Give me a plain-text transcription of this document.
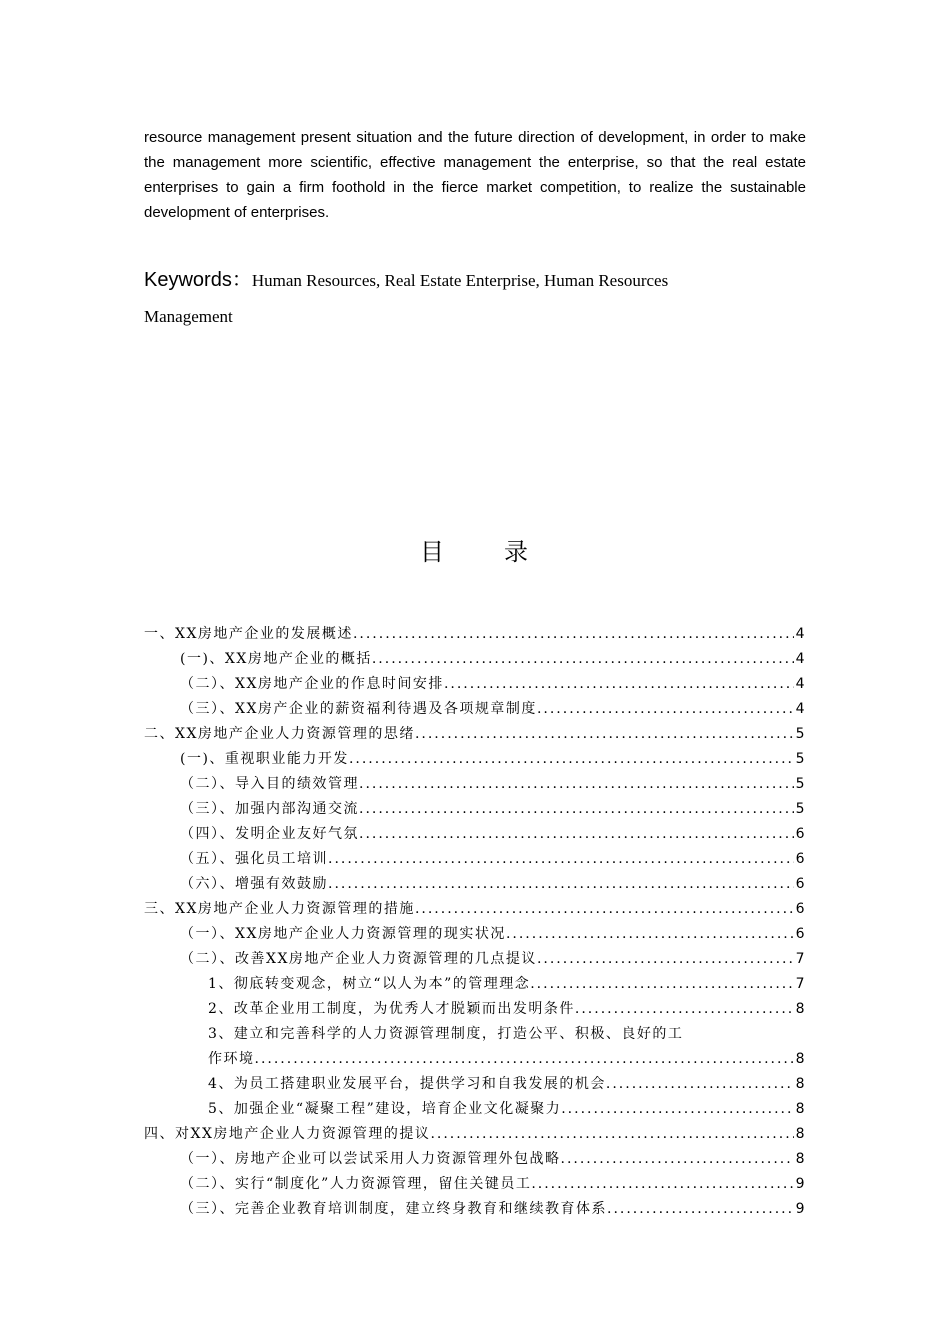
resource management present situation and the future direction of development, in order to make the management more scientific, effective management the enterprise, so that the real estate enterprises to gain a firm foothold in the fierce market competition, to realize the sustainable development of enterprises.
Keywords：Human Resources, Real Estate Enterprise, Human Resources
Management
目 录
一、XX房地产企业的发展概述 .....	4
(一)、XX房地产企业的概括 .....	4
（二）、XX房地产企业的作息时间安排 .....	4
（三）、XX房产企业的薪资福利待遇及各项规章制度 .....	4
二、XX房地产企业人力资源管理的思绪 .....	5
(一)、重视职业能力开发 .....	5
（二）、导入目的绩效管理 .....	5
（三）、加强内部沟通交流 .....	5
（四）、发明企业友好气氛 .....	6
（五）、强化员工培训 .....	6
（六）、增强有效鼓励 .....	6
三、XX房地产企业人力资源管理的措施 .....	6
（一）、XX房地产企业人力资源管理的现实状况 .....	6
（二）、改善XX房地产企业人力资源管理的几点提议 .....	7
1、彻底转变观念，树立“以人为本”的管理理念 .....	7
2、改革企业用工制度，为优秀人才脱颖而出发明条件 .....	8
3、建立和完善科学的人力资源管理制度，打造公平、积极、良好的工
作环境 .....	8
4、为员工搭建职业发展平台，提供学习和自我发展的机会 .....	8
5、加强企业“凝聚工程”建设，培育企业文化凝聚力 .....	8
四、对XX房地产企业人力资源管理的提议 .....	8
（一）、房地产企业可以尝试采用人力资源管理外包战略 .....	8
（二）、实行“制度化”人力资源管理，留住关键员工 .....	9
（三）、完善企业教育培训制度，建立终身教育和继续教育体系 .....	9
